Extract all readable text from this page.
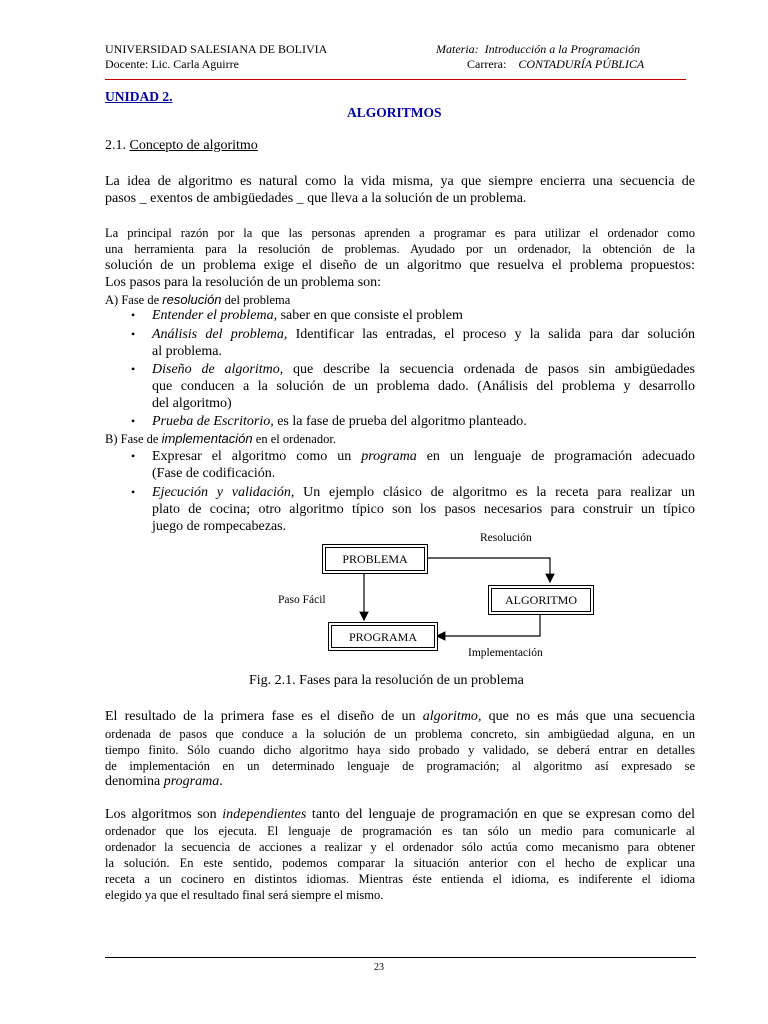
UNIVERSIDAD SALESIANA DE BOLIVIA
Docente: Lic. Carla Aguirre
Materia: Introducción a la Programación
Carrera: CONTADURÍA PÚBLICA
UNIDAD 2.
ALGORITMOS
2.1. Concepto de algoritmo
La idea de algoritmo es natural como la vida misma, ya que siempre encierra una secuencia de
pasos _ exentos de ambigüedades _ que lleva a la solución de un problema.
La principal razón por la que las personas aprenden a programar es para utilizar el ordenador como
una herramienta para la resolución de problemas. Ayudado por un ordenador, la obtención de la
solución de un problema exige el diseño de un algoritmo que resuelva el problema propuestos:
Los pasos para la resolución de un problema son:
A) Fase de resolución del problema
• Entender el problema, saber en que consiste el problem
• Análisis del problema, Identificar las entradas, el proceso y la salida para dar solución
al problema.
• Diseño de algoritmo, que describe la secuencia ordenada de pasos sin ambigüedades
que conducen a la solución de un problema dado. (Análisis del problema y desarrollo
del algoritmo)
• Prueba de Escritorio, es la fase de prueba del algoritmo planteado.
B) Fase de implementación en el ordenador.
• Expresar el algoritmo como un programa en un lenguaje de programación adecuado
(Fase de codificación.
• Ejecución y validación, Un ejemplo clásico de algoritmo es la receta para realizar un
plato de cocina; otro algoritmo típico son los pasos necesarios para construir un típico
juego de rompecabezas.
PROBLEMA
ALGORITMO
PROGRAMA
Resolución
Paso Fácil
Implementación
Fig. 2.1. Fases para la resolución de un problema
El resultado de la primera fase es el diseño de un algoritmo, que no es más que una secuencia
ordenada de pasos que conduce a la solución de un problema concreto, sin ambigüedad alguna, en un
tiempo finito. Sólo cuando dicho algoritmo haya sido probado y validado, se deberá entrar en detalles
de implementación en un determinado lenguaje de programación; al algoritmo así expresado se
denomina programa.
Los algoritmos son independientes tanto del lenguaje de programación en que se expresan como del
ordenador que los ejecuta. El lenguaje de programación es tan sólo un medio para comunicarle al
ordenador la secuencia de acciones a realizar y el ordenador sólo actúa como mecanismo para obtener
la solución. En este sentido, podemos comparar la situación anterior con el hecho de explicar una
receta a un cocinero en distintos idiomas. Mientras éste entienda el idioma, es indiferente el idioma
elegido ya que el resultado final será siempre el mismo.
23
